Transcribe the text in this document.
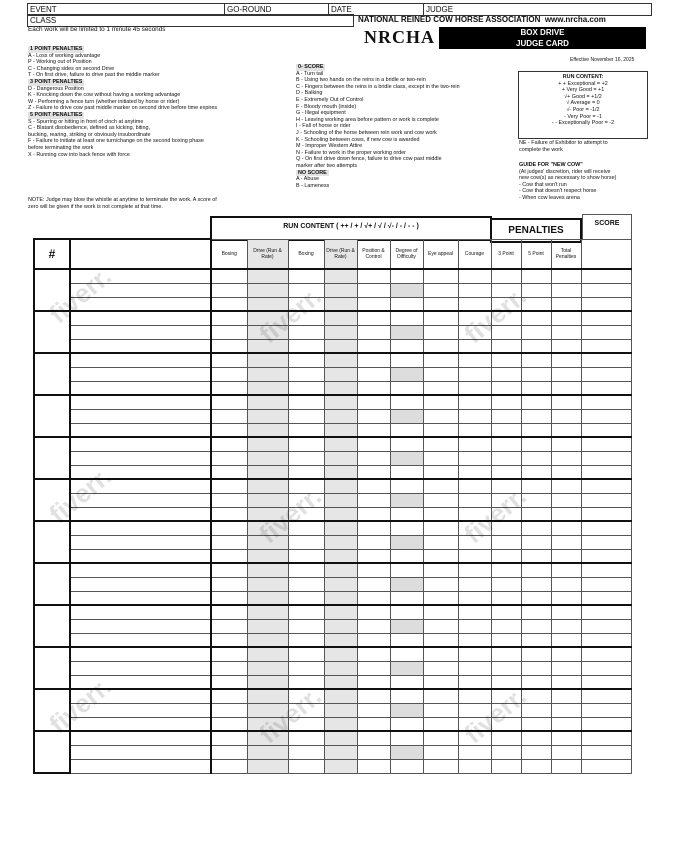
EVENT	GO-ROUND	DATE	JUDGE
CLASS
Each work will be limited to 1 minute 45 seconds
NATIONAL REINED COW HORSE ASSOCIATION www.nrcha.com
NRCHA	BOX DRIVE
JUDGE CARD
Effective November 16, 2025
1 POINT PENALTIES
A - Loss of working advantage
P - Working out of Position
C - Changing sides on second Drive
T - On first drive, failure to drive past the middle marker
3 POINT PENALTIES
D - Dangerous Position
K - Knocking down the cow without having a working advantage
W - Performing a fence turn (whether initiated by horse or rider)
Z - Failure to drive cow past middle marker on second drive before time expires
5 POINT PENALTIES
S - Spurring or hitting in front of cinch at anytime
C - Blatant disobedience, defined as kicking, biting,
bucking, rearing, striking or obviously insubordinate
F - Failure to initiate at least one turn/change on the second boxing phase
before terminating the work
X - Running cow into back fence with force
NOTE: Judge may blow the whistle at anytime to terminate the work. A score of
zero will be given if the work is not complete at that time.
0- SCORE
A - Turn tail
B - Using two hands on the reins in a bridle or two-rein
C - Fingers between the reins in a bridle class, except in the two-rein
D - Balking
E - Extremely Out of Control
F - Bloody mouth (inside)
G - Illegal equipment
H - Leaving working area before pattern or work is complete
I - Fall of horse or rider
J - Schooling of the horse between rein work and cow work
K - Schooling between cows, if new cow is awarded
M - Improper Western Attire
N - Failure to work in the proper working order
Q - On first drive down fence, failure to drive cow past middle
marker after two attempts
NO SCORE
A - Abuse
B - Lameness
RUN CONTENT:
+ + Exceptional = +2
+ Very Good = +1
√+ Good = +1/2
√ Average = 0
√- Poor = -1/2
- Very Poor = -1
- - Exceptionally Poor = -2
NE - Failure of Exhibitor to attempt to
complete the work
GUIDE FOR "NEW COW"
(At judges' discretion, rider will receive
new cow(s) as necessary to show horse)
- Cow that won't run
- Cow that doesn't respect horse
- When cow leaves arena
RUN CONTENT ( ++ / + / √+ / √ / √- / - / - - )	PENALTIES
SCORE
#		Boxing	Drive (Run & Rate)	Boxing	Drive (Run & Rate)	Position & Control	Degree of Difficulty	Eye appeal	Courage	3 Point	5 Point	Total Penalties	

fiverr.	fiverr.	fiverr.
fiverr.	fiverr.	fiverr.
fiverr.	fiverr.	fiverr.
